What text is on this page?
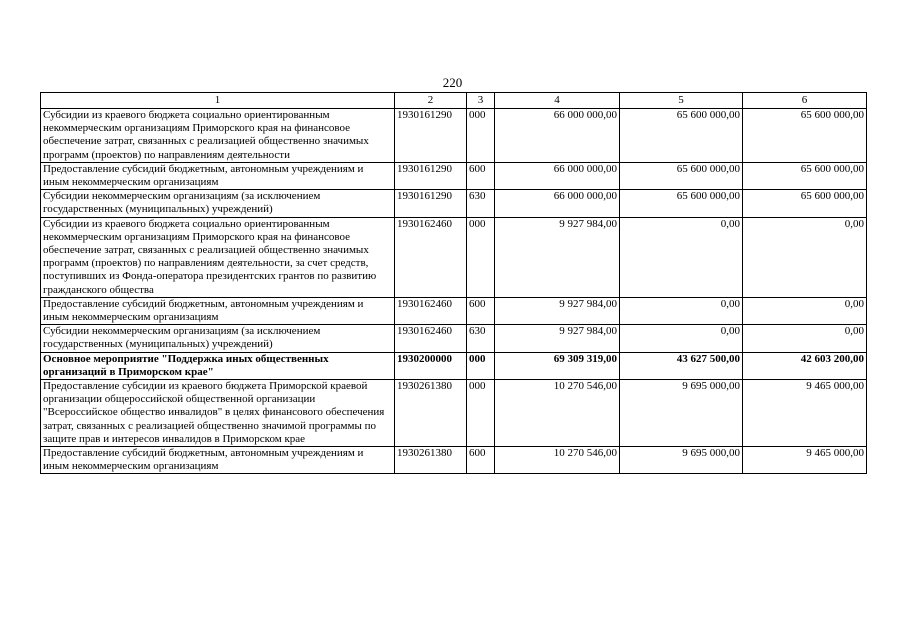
220
1	2	3	4	5	6
Субсидии из краевого бюджета социально ориентированным некоммерческим организациям Приморского края на финансовое обеспечение затрат, связанных с реализацией общественно значимых программ (проектов) по направлениям деятельности	1930161290	000	66 000 000,00	65 600 000,00	65 600 000,00
Предоставление субсидий бюджетным, автономным учреждениям и иным некоммерческим организациям	1930161290	600	66 000 000,00	65 600 000,00	65 600 000,00
Субсидии некоммерческим организациям (за исключением государственных (муниципальных) учреждений)	1930161290	630	66 000 000,00	65 600 000,00	65 600 000,00
Субсидии из краевого бюджета социально ориентированным некоммерческим организациям Приморского края на финансовое обеспечение затрат, связанных с реализацией общественно значимых программ (проектов) по направлениям деятельности, за счет средств, поступивших из Фонда-оператора президентских грантов по развитию гражданского общества	1930162460	000	9 927 984,00	0,00	0,00
Предоставление субсидий бюджетным, автономным учреждениям и иным некоммерческим организациям	1930162460	600	9 927 984,00	0,00	0,00
Субсидии некоммерческим организациям (за исключением государственных (муниципальных) учреждений)	1930162460	630	9 927 984,00	0,00	0,00
Основное мероприятие "Поддержка иных общественных организаций в Приморском крае"	1930200000	000	69 309 319,00	43 627 500,00	42 603 200,00
Предоставление субсидии из краевого бюджета Приморской краевой организации общероссийской общественной организации "Всероссийское общество инвалидов" в целях финансового обеспечения затрат, связанных с реализацией общественно значимой программы по защите прав и интересов инвалидов в Приморском крае	1930261380	000	10 270 546,00	9 695 000,00	9 465 000,00
Предоставление субсидий бюджетным, автономным учреждениям и иным некоммерческим организациям	1930261380	600	10 270 546,00	9 695 000,00	9 465 000,00
